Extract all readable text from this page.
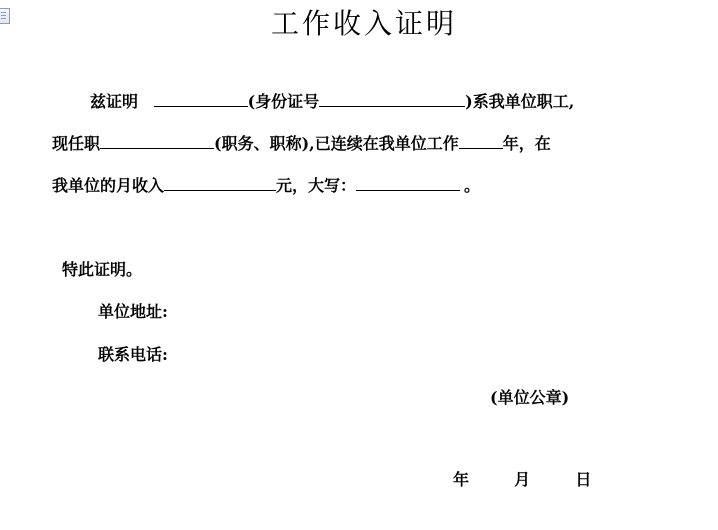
工作收入证明
兹证明	(身份证号	)系我单位职工,
现任职	(职务、职称),已连续在我单位工作	年，在
我单位的月收入	元，大写：	。
特此证明。
单位地址:
联系电话:
(单位公章)
年	月	日
